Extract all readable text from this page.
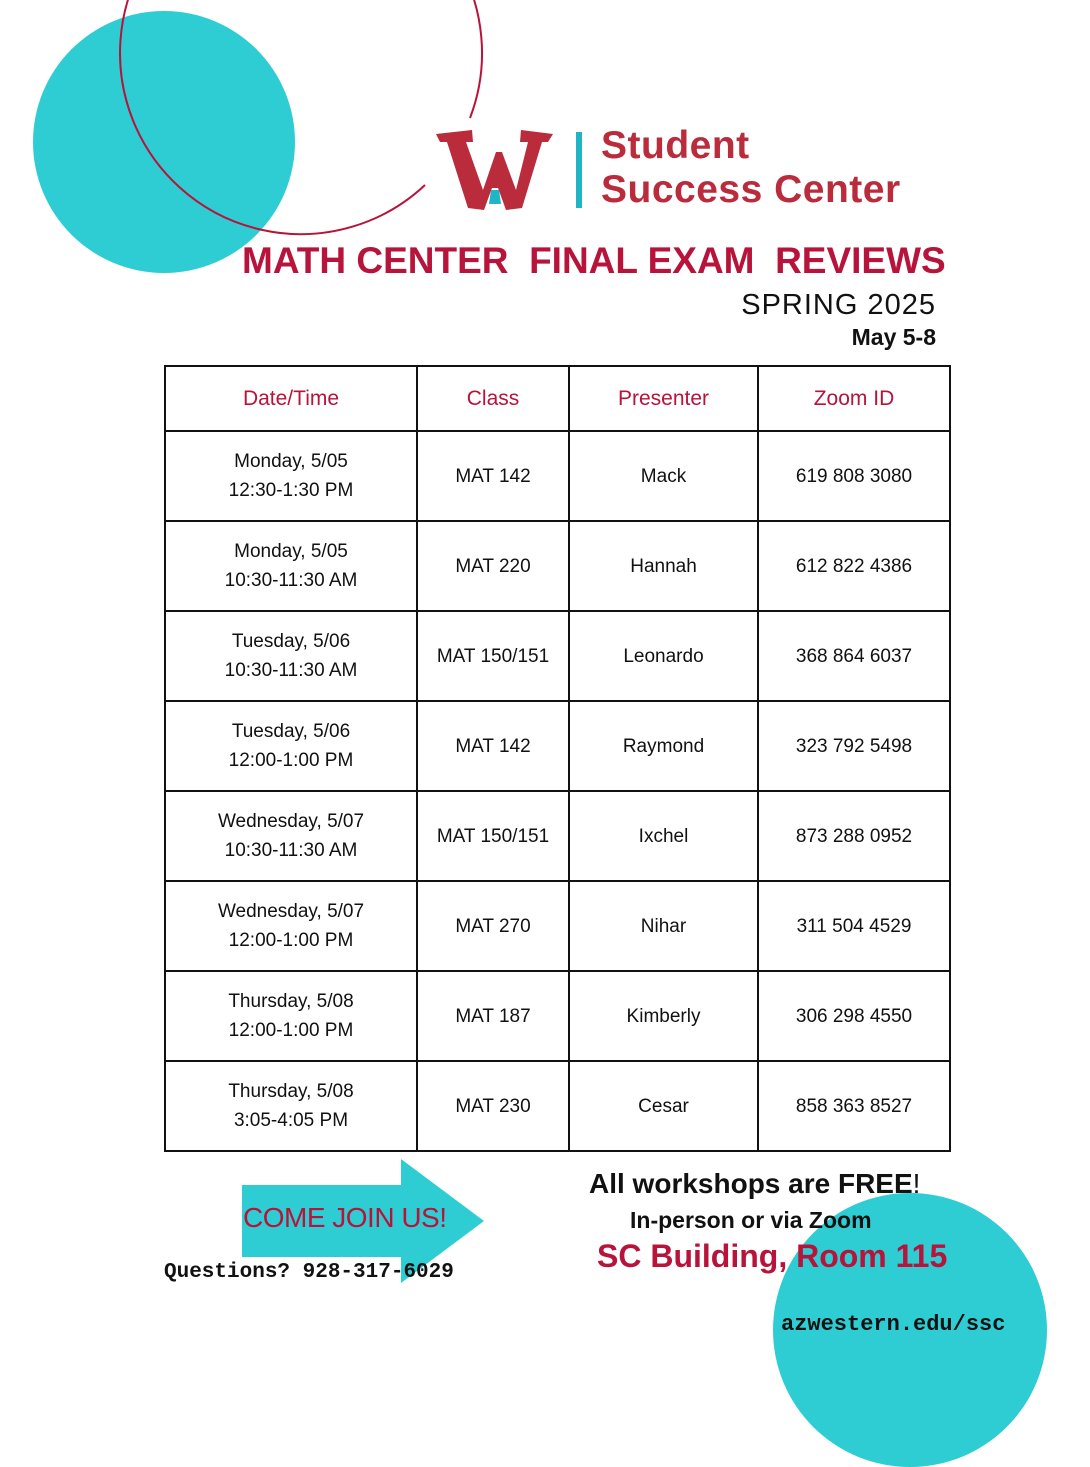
Student
Success Center
MATH CENTER  FINAL EXAM  REVIEWS
SPRING 2025
May 5-8
Date/Time	Class	Presenter	Zoom ID

Monday, 5/05
12:30-1:30 PM	MAT 142	Mack	619 808 3080

Monday, 5/05
10:30-11:30 AM	MAT 220	Hannah	612 822 4386

Tuesday, 5/06
10:30-11:30 AM	MAT 150/151	Leonardo	368 864 6037

Tuesday, 5/06
12:00-1:00 PM	MAT 142	Raymond	323 792 5498

Wednesday, 5/07
10:30-11:30 AM	MAT 150/151	Ixchel	873 288 0952

Wednesday, 5/07
12:00-1:00 PM	MAT 270	Nihar	311 504 4529

Thursday, 5/08
12:00-1:00 PM	MAT 187	Kimberly	306 298 4550

Thursday, 5/08
3:05-4:05 PM	MAT 230	Cesar	858 363 8527
COME JOIN US!
Questions? 928-317-6029
All workshops are FREE!
In-person or via Zoom
SC Building, Room 115
azwestern.edu/ssc
